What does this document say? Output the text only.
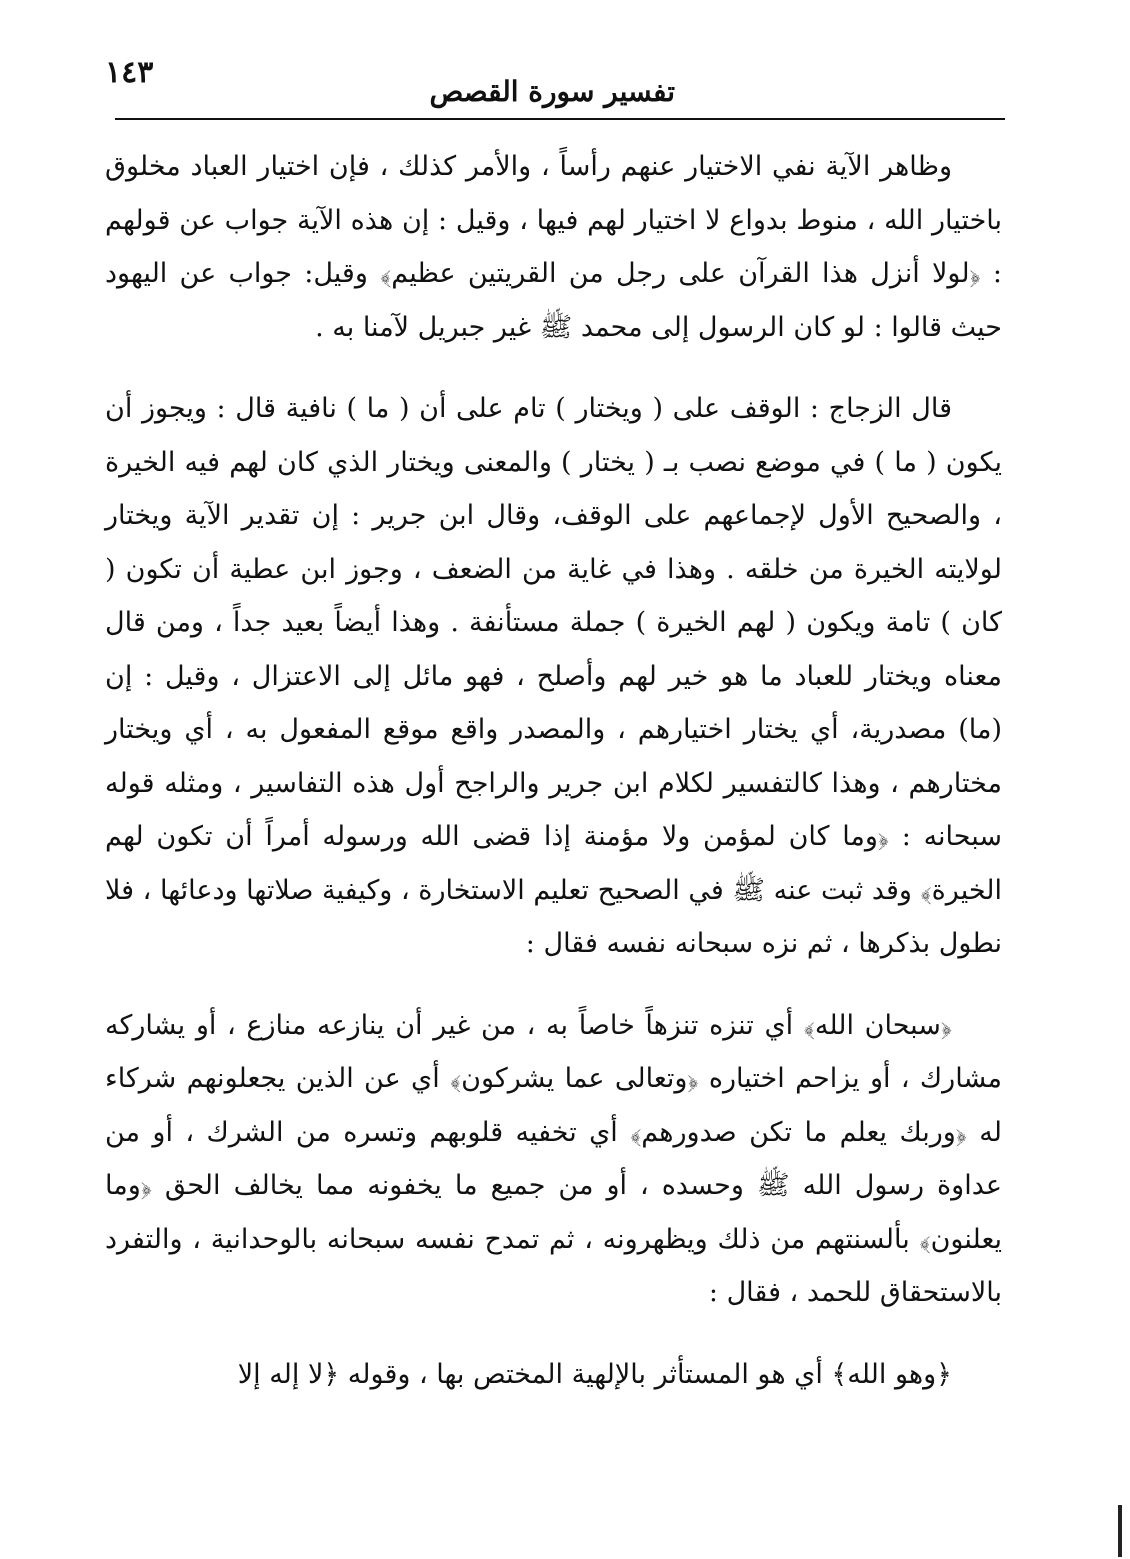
١٤٣
تفسير سورة القصص

وظاهر الآية نفي الاختيار عنهم رأساً ، والأمر كذلك ، فإن اختيار العباد مخلوق باختيار الله ، منوط بدواع لا اختيار لهم فيها ، وقيل : إن هذه الآية جواب عن قولهم : ﴿لولا أنزل هذا القرآن على رجل من القريتين عظيم﴾ وقيل: جواب عن اليهود حيث قالوا : لو كان الرسول إلى محمد ﷺ غير جبريل لآمنا به .

قال الزجاج : الوقف على ( ويختار ) تام على أن ( ما ) نافية قال : ويجوز أن يكون ( ما ) في موضع نصب بـ ( يختار ) والمعنى ويختار الذي كان لهم فيه الخيرة ، والصحيح الأول لإجماعهم على الوقف، وقال ابن جرير : إن تقدير الآية ويختار لولايته الخيرة من خلقه . وهذا في غاية من الضعف ، وجوز ابن عطية أن تكون ( كان ) تامة ويكون ( لهم الخيرة ) جملة مستأنفة . وهذا أيضاً بعيد جداً ، ومن قال معناه ويختار للعباد ما هو خير لهم وأصلح ، فهو مائل إلى الاعتزال ، وقيل : إن (ما) مصدرية، أي يختار اختيارهم ، والمصدر واقع موقع المفعول به ، أي ويختار مختارهم ، وهذا كالتفسير لكلام ابن جرير والراجح أول هذه التفاسير ، ومثله قوله سبحانه : ﴿وما كان لمؤمن ولا مؤمنة إذا قضى الله ورسوله أمراً أن تكون لهم الخيرة﴾ وقد ثبت عنه ﷺ في الصحيح تعليم الاستخارة ، وكيفية صلاتها ودعائها ، فلا نطول بذكرها ، ثم نزه سبحانه نفسه فقال :

﴿سبحان الله﴾ أي تنزه تنزهاً خاصاً به ، من غير أن ينازعه منازع ، أو يشاركه مشارك ، أو يزاحم اختياره ﴿وتعالى عما يشركون﴾ أي عن الذين يجعلونهم شركاء له ﴿وربك يعلم ما تكن صدورهم﴾ أي تخفيه قلوبهم وتسره من الشرك ، أو من عداوة رسول الله ﷺ وحسده ، أو من جميع ما يخفونه مما يخالف الحق ﴿وما يعلنون﴾ بألسنتهم من ذلك ويظهرونه ، ثم تمدح نفسه سبحانه بالوحدانية ، والتفرد بالاستحقاق للحمد ، فقال :

﴿وهو الله﴾ أي هو المستأثر بالإلهية المختص بها ، وقوله ﴿لا إله إلا
